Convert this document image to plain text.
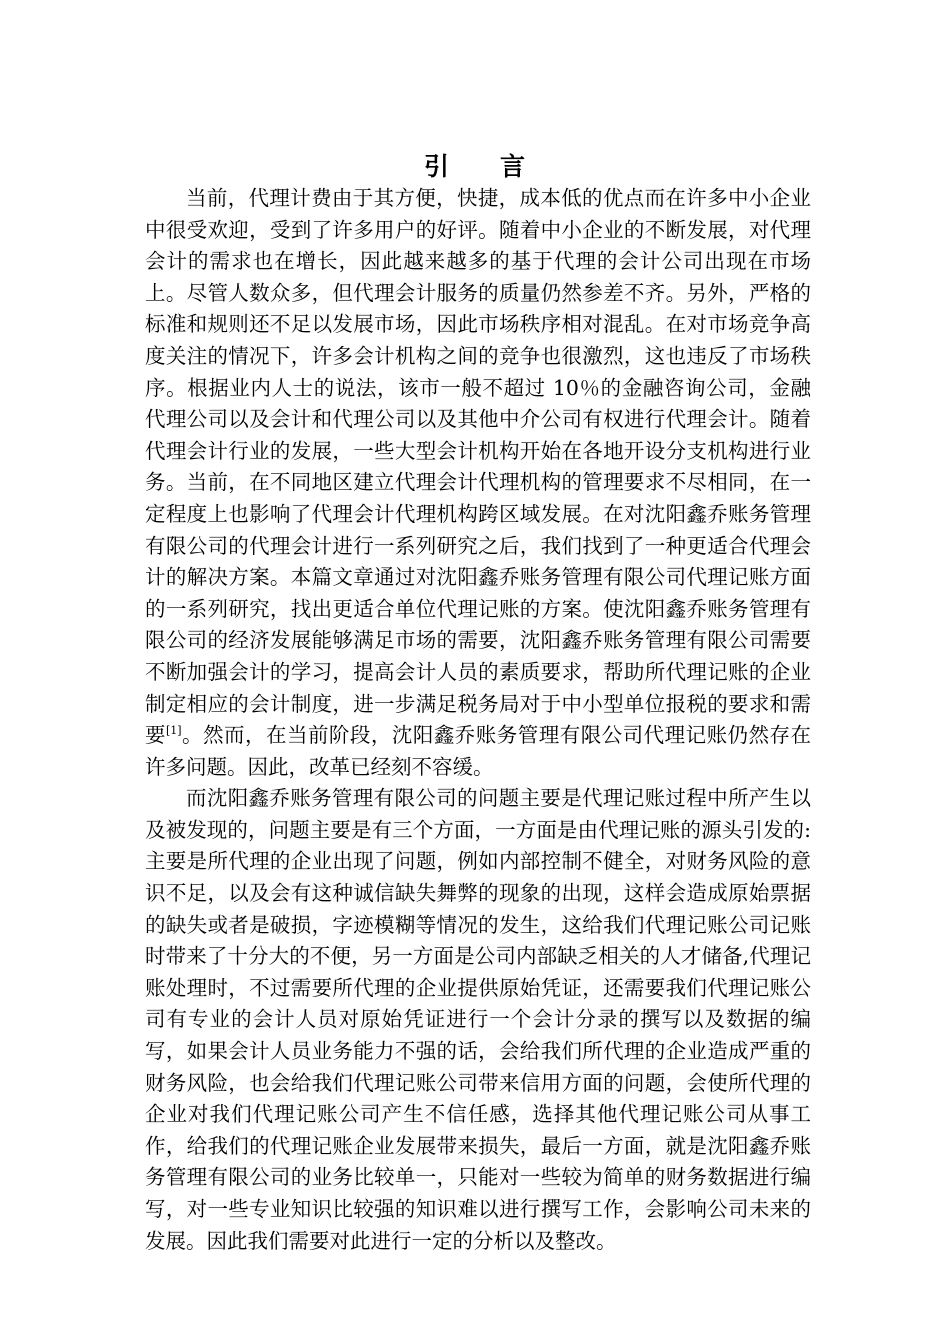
引 言

当前，代理计费由于其方便，快捷，成本低的优点而在许多中小企业中很受欢迎，受到了许多用户的好评。随着中小企业的不断发展，对代理会计的需求也在增长，因此越来越多的基于代理的会计公司出现在市场上。尽管人数众多，但代理会计服务的质量仍然参差不齐。另外，严格的标准和规则还不足以发展市场，因此市场秩序相对混乱。在对市场竞争高度关注的情况下，许多会计机构之间的竞争也很激烈，这也违反了市场秩序。根据业内人士的说法，该市一般不超过 10％的金融咨询公司，金融代理公司以及会计和代理公司以及其他中介公司有权进行代理会计。随着代理会计行业的发展，一些大型会计机构开始在各地开设分支机构进行业务。当前，在不同地区建立代理会计代理机构的管理要求不尽相同，在一定程度上也影响了代理会计代理机构跨区域发展。在对沈阳鑫乔账务管理有限公司的代理会计进行一系列研究之后，我们找到了一种更适合代理会计的解决方案。本篇文章通过对沈阳鑫乔账务管理有限公司代理记账方面的一系列研究，找出更适合单位代理记账的方案。使沈阳鑫乔账务管理有限公司的经济发展能够满足市场的需要，沈阳鑫乔账务管理有限公司需要不断加强会计的学习，提高会计人员的素质要求，帮助所代理记账的企业制定相应的会计制度，进一步满足税务局对于中小型单位报税的要求和需要[1]。然而，在当前阶段，沈阳鑫乔账务管理有限公司代理记账仍然存在许多问题。因此，改革已经刻不容缓。

而沈阳鑫乔账务管理有限公司的问题主要是代理记账过程中所产生以及被发现的，问题主要是有三个方面，一方面是由代理记账的源头引发的:主要是所代理的企业出现了问题，例如内部控制不健全，对财务风险的意识不足，以及会有这种诚信缺失舞弊的现象的出现，这样会造成原始票据的缺失或者是破损，字迹模糊等情况的发生，这给我们代理记账公司记账时带来了十分大的不便，另一方面是公司内部缺乏相关的人才储备,代理记账处理时，不过需要所代理的企业提供原始凭证，还需要我们代理记账公司有专业的会计人员对原始凭证进行一个会计分录的撰写以及数据的编写，如果会计人员业务能力不强的话，会给我们所代理的企业造成严重的财务风险，也会给我们代理记账公司带来信用方面的问题，会使所代理的企业对我们代理记账公司产生不信任感，选择其他代理记账公司从事工作，给我们的代理记账企业发展带来损失，最后一方面，就是沈阳鑫乔账务管理有限公司的业务比较单一，只能对一些较为简单的财务数据进行编写，对一些专业知识比较强的知识难以进行撰写工作，会影响公司未来的发展。因此我们需要对此进行一定的分析以及整改。
